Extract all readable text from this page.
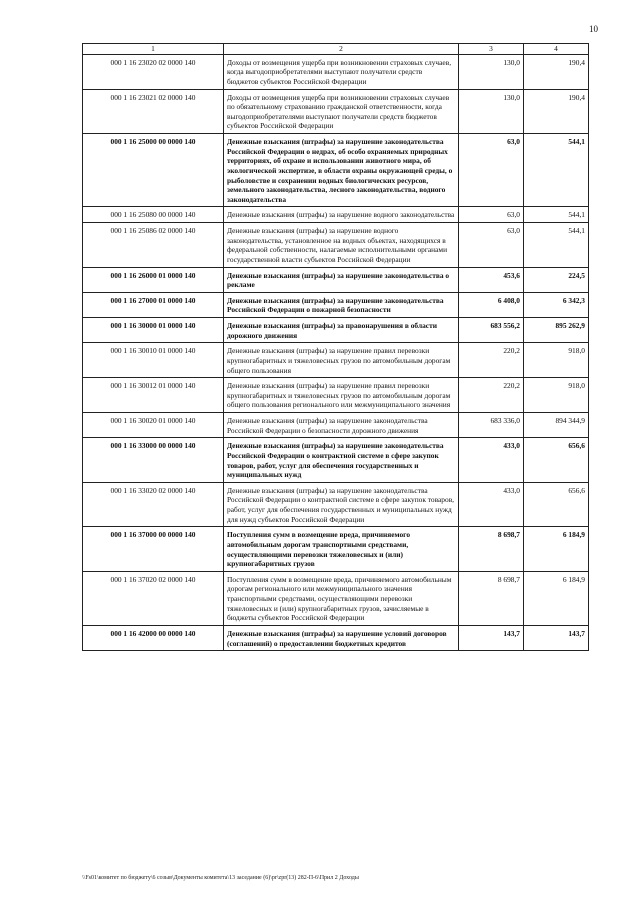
10
1	2	3	4
000 1 16 23020 02 0000 140	Доходы от возмещения ущерба при возникновении страховых случаев, когда выгодоприобретателями выступают получатели средств бюджетов субъектов Российской Федерации	130,0	190,4
000 1 16 23021 02 0000 140	Доходы от возмещения ущерба при возникновении страховых случаев по обязательному страхованию гражданской ответственности, когда выгодоприобретателями выступают получатели средств бюджетов субъектов Российской Федерации	130,0	190,4
000 1 16 25000 00 0000 140	Денежные взыскания (штрафы) за нарушение законодательства Российской Федерации о недрах, об особо охраняемых природных территориях, об охране и использовании животного мира, об экологической экспертизе, в области охраны окружающей среды, о рыболовстве и сохранении водных биологических ресурсов, земельного законодательства, лесного законодательства, водного законодательства	63,0	544,1
000 1 16 25080 00 0000 140	Денежные взыскания (штрафы) за нарушение водного законодательства	63,0	544,1
000 1 16 25086 02 0000 140	Денежные взыскания (штрафы) за нарушение водного законодательства, установленное на водных объектах, находящихся в федеральной собственности, налагаемые исполнительными органами государственной власти субъектов Российской Федерации	63,0	544,1
000 1 16 26000 01 0000 140	Денежные взыскания (штрафы) за нарушение законодательства о рекламе	453,6	224,5
000 1 16 27000 01 0000 140	Денежные взыскания (штрафы) за нарушение законодательства Российской Федерации о пожарной безопасности	6 408,0	6 342,3
000 1 16 30000 01 0000 140	Денежные взыскания (штрафы) за правонарушения в области дорожного движения	683 556,2	895 262,9
000 1 16 30010 01 0000 140	Денежные взыскания (штрафы) за нарушение правил перевозки крупногабаритных и тяжеловесных грузов по автомобильным дорогам общего пользования	220,2	918,0
000 1 16 30012 01 0000 140	Денежные взыскания (штрафы) за нарушение правил перевозки крупногабаритных и тяжеловесных грузов по автомобильным дорогам общего пользования регионального или межмуниципального значения	220,2	918,0
000 1 16 30020 01 0000 140	Денежные взыскания (штрафы) за нарушение законодательства Российской Федерации о безопасности дорожного движения	683 336,0	894 344,9
000 1 16 33000 00 0000 140	Денежные взыскания (штрафы) за нарушение законодательства Российской Федерации о контрактной системе в сфере закупок товаров, работ, услуг для обеспечения государственных и муниципальных нужд	433,0	656,6
000 1 16 33020 02 0000 140	Денежные взыскания (штрафы) за нарушение законодательства Российской Федерации о контрактной системе в сфере закупок товаров, работ, услуг для обеспечения государственных и муниципальных нужд для нужд субъектов Российской Федерации	433,0	656,6
000 1 16 37000 00 0000 140	Поступления сумм в возмещение вреда, причиняемого автомобильным дорогам транспортными средствами, осуществляющими перевозки тяжеловесных и (или) крупногабаритных грузов	8 698,7	6 184,9
000 1 16 37020 02 0000 140	Поступления сумм в возмещение вреда, причиняемого автомобильным дорогам регионального или межмуниципального значения транспортными средствами, осуществляющими перевозки тяжеловесных и (или) крупногабаритных грузов, зачисляемые в бюджеты субъектов Российской Федерации	8 698,7	6 184,9
000 1 16 42000 00 0000 140	Денежные взыскания (штрафы) за нарушение условий договоров (соглашений) о предоставлении бюджетных кредитов	143,7	143,7
\\Fs01\комитет по бюджету\6 созыв\Документы комитета\13 заседание (6)\pr\zpr(13) 282-П-6\Прил 2 Доходы
